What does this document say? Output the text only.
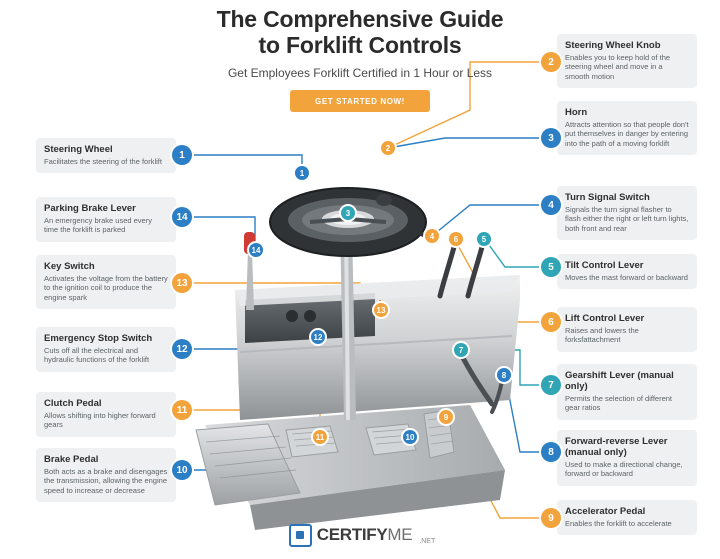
The Comprehensive Guide
to Forklift Controls
Get Employees Forklift Certified in 1 Hour or Less
GET STARTED NOW!
Steering Wheel
Facilitates the steering of the forklift
Parking Brake Lever
An emergency brake used every time the forklift is parked
Key Switch
Activates the voltage from the battery to the ignition coil to produce the engine spark
Emergency Stop Switch
Cuts off all the electrical and hydraulic functions of the forklift
Clutch Pedal
Allows shifting into higher forward gears
Brake Pedal
Both acts as a brake and disengages the transmission, allowing the engine speed to increase or decrease
Steering Wheel Knob
Enables you to keep hold of the steering wheel and move in a smooth motion
Horn
Attracts attention so that people don't put themselves in danger by entering into the path of a moving forklift
Turn Signal Switch
Signals the turn signal flasher to flash either the right or left turn lights, both front and rear
Tilt Control Lever
Moves the mast forward or backward
Lift Control Lever
Raises and lowers the forksfattachment
Gearshift Lever (manual only)
Permits the selection of different gear ratios
Forward-reverse Lever (manual only)
Used to make a directional change, forward or backward
Accelerator Pedal
Enables the forklift to accelerate
1
14
13
12
11
10
2
3
4
5
6
7
8
9
1
2
3
4	6	5
7
8
9
10
11
12
13
14
CERTIFYME .NET
